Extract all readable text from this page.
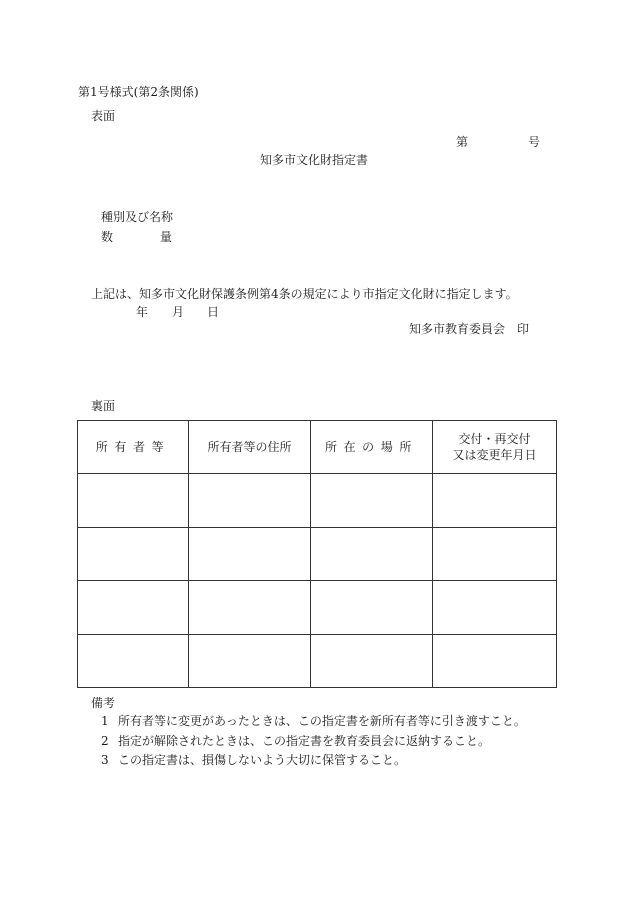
第1号様式(第2条関係)
表面
第	号
知多市文化財指定書
種別及び名称
数	量
上記は、知多市文化財保護条例第4条の規定により市指定文化財に指定します。
年 月 日
知多市教育委員会　印
裏面
所有者等	所有者等の住所	所在の場所	交付・再交付
又は変更年月日

備考
1 所有者等に変更があったときは、この指定書を新所有者等に引き渡すこと。
2 指定が解除されたときは、この指定書を教育委員会に返納すること。
3 この指定書は、損傷しないよう大切に保管すること。
